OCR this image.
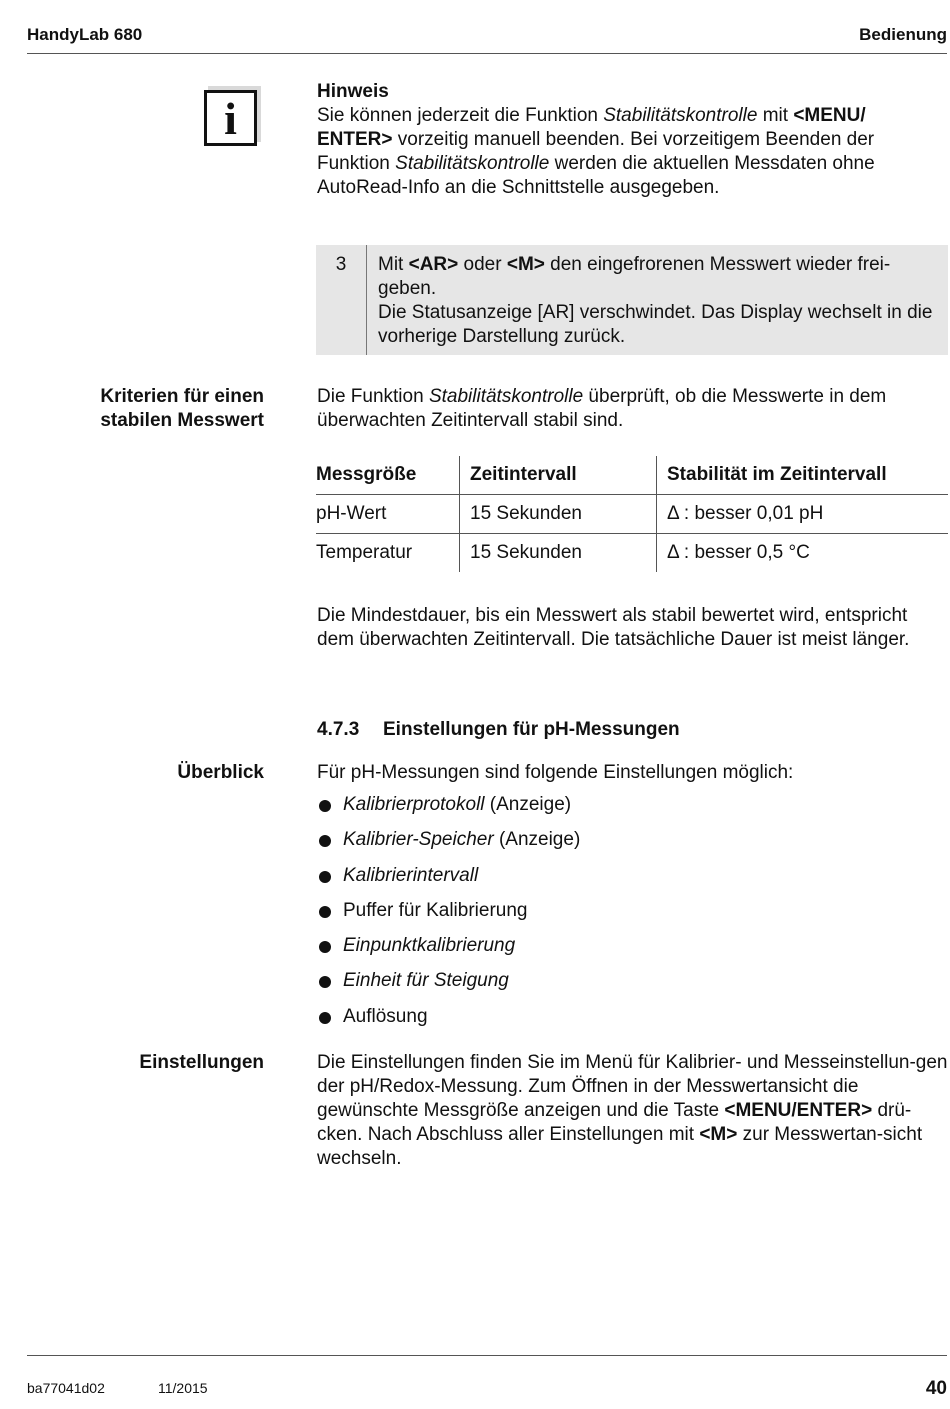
HandyLab 680	Bedienung
i
Hinweis
Sie können jederzeit die Funktion Stabilitätskontrolle mit <MENU/
ENTER> vorzeitig manuell beenden. Bei vorzeitigem Beenden der Funktion Stabilitätskontrolle werden die aktuellen Messdaten ohne AutoRead-Info an die Schnittstelle ausgegeben.
3	Mit <AR> oder <M> den eingefrorenen Messwert wieder frei-
geben.
Die Statusanzeige [AR] verschwindet. Das Display wechselt in die vorherige Darstellung zurück.
Kriterien für einen
stabilen Messwert
Die Funktion Stabilitätskontrolle überprüft, ob die Messwerte in dem überwachten Zeitintervall stabil sind.
Messgröße	Zeitintervall	Stabilität im Zeitintervall
pH-Wert	15 Sekunden	Δ : besser 0,01 pH
Temperatur	15 Sekunden	Δ : besser 0,5 °C
Die Mindestdauer, bis ein Messwert als stabil bewertet wird, entspricht dem überwachten Zeitintervall. Die tatsächliche Dauer ist meist länger.
4.7.3 Einstellungen für pH-Messungen
Überblick	Für pH-Messungen sind folgende Einstellungen möglich:
Kalibrierprotokoll (Anzeige)
Kalibrier-Speicher (Anzeige)
Kalibrierintervall
Puffer für Kalibrierung
Einpunktkalibrierung
Einheit für Steigung
Auflösung
Einstellungen	Die Einstellungen finden Sie im Menü für Kalibrier- und Messeinstellun-gen der pH/Redox-Messung. Zum Öffnen in der Messwertansicht die gewünschte Messgröße anzeigen und die Taste <MENU/ENTER> drü-cken. Nach Abschluss aller Einstellungen mit <M> zur Messwertan-sicht wechseln.
ba77041d02	11/2015	40
